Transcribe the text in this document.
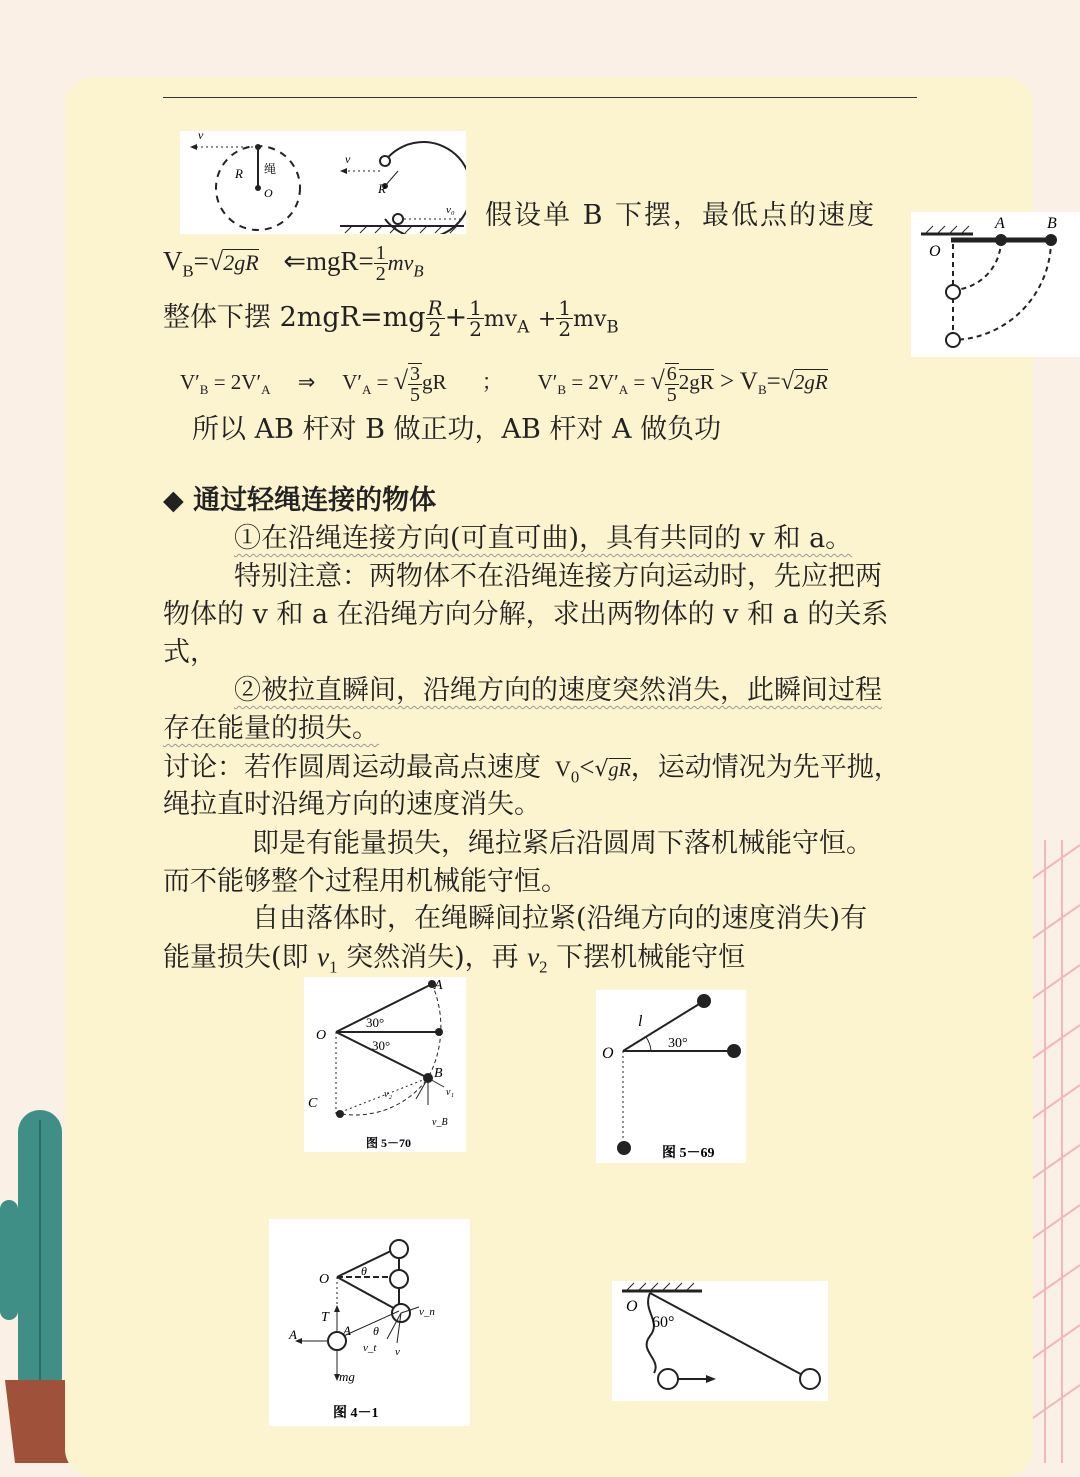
v
R 绳
O
v
R
v₀ 假设单 B 下摆，最低点的速度
O
A	B
$V_B=√2gR$ ⇐mgR= $\frac{1}{2} mv_B$
整体下摆 $2mgR=mg \frac{R}{2} + \frac{1}{2} mv_A + \frac{1}{2} mv_B$
$V'_B = 2V'_A$ ⇒ $V'_A$ = √ $\frac{3}{5}$ gR ； $V'_B = 2V'_A$ = √ $\frac{6}{5} 2gR > V_B=√2gR$
所以 AB 杆对 B 做正功，AB 杆对 A 做负功
◆ 通过轻绳连接的物体
①在沿绳连接方向(可直可曲)，具有共同的 v 和 a。
特别注意：两物体不在沿绳连接方向运动时，先应把两
物体的 v 和 a 在沿绳方向分解，求出两物体的 v 和 a 的关系
式，
②被拉直瞬间，沿绳方向的速度突然消失，此瞬间过程
存在能量的损失。
讨论：若作圆周运动最高点速度 $V_0<√gR$，运动情况为先平抛，
绳拉直时沿绳方向的速度消失。
即是有能量损失，绳拉紧后沿圆周下落机械能守恒。
而不能够整个过程用机械能守恒。
自由落体时，在绳瞬间拉紧(沿绳方向的速度消失)有
能量损失(即 $v_1$ 突然消失)，再 $v_2$ 下摆机械能守恒
O
A
B
C
30°
30°
v₁
v₂
v_B
图 5－70
O
l
30°
图 5－69
O
T
A	A
mg
θ
θ
v_n
v_t v
图 4－1
O
60°
